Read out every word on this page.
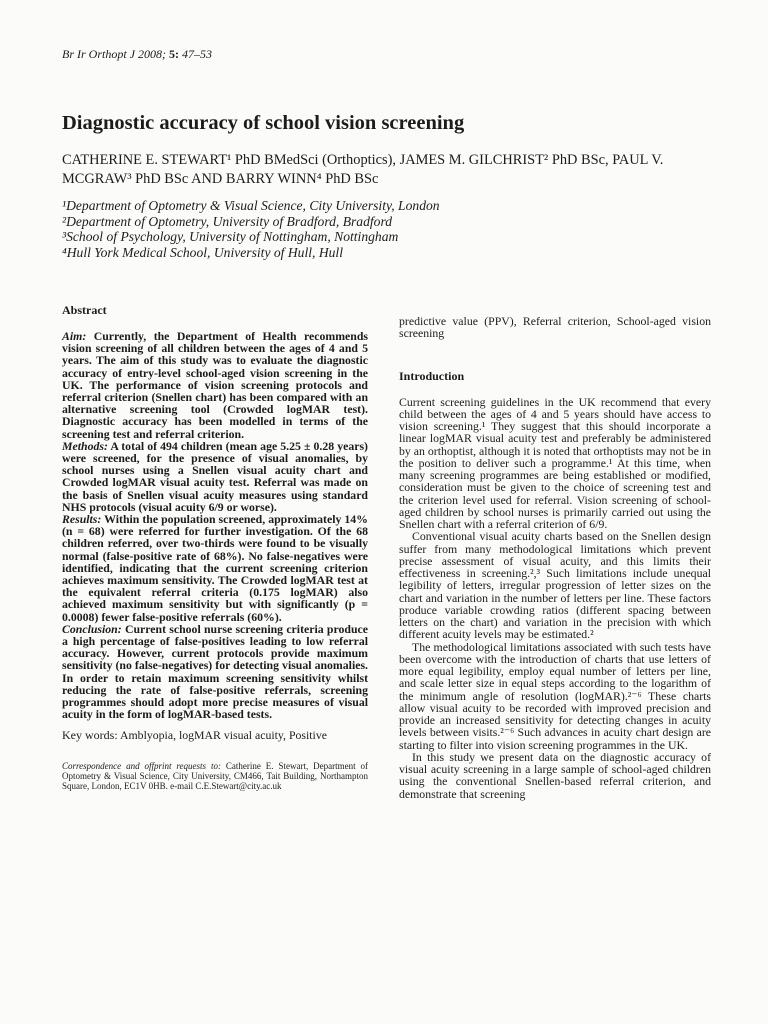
Br Ir Orthopt J 2008; 5: 47–53
Diagnostic accuracy of school vision screening
CATHERINE E. STEWART¹ PhD BMedSci (Orthoptics), JAMES M. GILCHRIST² PhD BSc, PAUL V. MCGRAW³ PhD BSc AND BARRY WINN⁴ PhD BSc
¹Department of Optometry & Visual Science, City University, London
²Department of Optometry, University of Bradford, Bradford
³School of Psychology, University of Nottingham, Nottingham
⁴Hull York Medical School, University of Hull, Hull
Abstract

Aim: Currently, the Department of Health recommends vision screening of all children between the ages of 4 and 5 years. The aim of this study was to evaluate the diagnostic accuracy of entry-level school-aged vision screening in the UK. The performance of vision screening protocols and referral criterion (Snellen chart) has been compared with an alternative screening tool (Crowded logMAR test). Diagnostic accuracy has been modelled in terms of the screening test and referral criterion.
Methods: A total of 494 children (mean age 5.25 ± 0.28 years) were screened, for the presence of visual anomalies, by school nurses using a Snellen visual acuity chart and Crowded logMAR visual acuity test. Referral was made on the basis of Snellen visual acuity measures using standard NHS protocols (visual acuity 6/9 or worse).
Results: Within the population screened, approximately 14% (n = 68) were referred for further investigation. Of the 68 children referred, over two-thirds were found to be visually normal (false-positive rate of 68%). No false-negatives were identified, indicating that the current screening criterion achieves maximum sensitivity. The Crowded logMAR test at the equivalent referral criteria (0.175 logMAR) also achieved maximum sensitivity but with significantly (p = 0.0008) fewer false-positive referrals (60%).
Conclusion: Current school nurse screening criteria produce a high percentage of false-positives leading to low referral accuracy. However, current protocols provide maximum sensitivity (no false-negatives) for detecting visual anomalies. In order to retain maximum screening sensitivity whilst reducing the rate of false-positive referrals, screening programmes should adopt more precise measures of visual acuity in the form of logMAR-based tests.

Key words: Amblyopia, logMAR visual acuity, Positive
Correspondence and offprint requests to: Catherine E. Stewart, Department of Optometry & Visual Science, City University, CM466, Tait Building, Northampton Square, London, EC1V 0HB. e-mail C.E.Stewart@city.ac.uk

predictive value (PPV), Referral criterion, School-aged vision screening

Introduction

Current screening guidelines in the UK recommend that every child between the ages of 4 and 5 years should have access to vision screening.¹ They suggest that this should incorporate a linear logMAR visual acuity test and preferably be administered by an orthoptist, although it is noted that orthoptists may not be in the position to deliver such a programme.¹ At this time, when many screening programmes are being established or modified, consideration must be given to the choice of screening test and the criterion level used for referral. Vision screening of school-aged children by school nurses is primarily carried out using the Snellen chart with a referral criterion of 6/9.

Conventional visual acuity charts based on the Snellen design suffer from many methodological limitations which prevent precise assessment of visual acuity, and this limits their effectiveness in screening.²,³ Such limitations include unequal legibility of letters, irregular progression of letter sizes on the chart and variation in the number of letters per line. These factors produce variable crowding ratios (different spacing between letters on the chart) and variation in the precision with which different acuity levels may be estimated.²

The methodological limitations associated with such tests have been overcome with the introduction of charts that use letters of more equal legibility, employ equal number of letters per line, and scale letter size in equal steps according to the logarithm of the minimum angle of resolution (logMAR).²⁻⁶ These charts allow visual acuity to be recorded with improved precision and provide an increased sensitivity for detecting changes in acuity levels between visits.²⁻⁶ Such advances in acuity chart design are starting to filter into vision screening programmes in the UK.

In this study we present data on the diagnostic accuracy of visual acuity screening in a large sample of school-aged children using the conventional Snellen-based referral criterion, and demonstrate that screening
